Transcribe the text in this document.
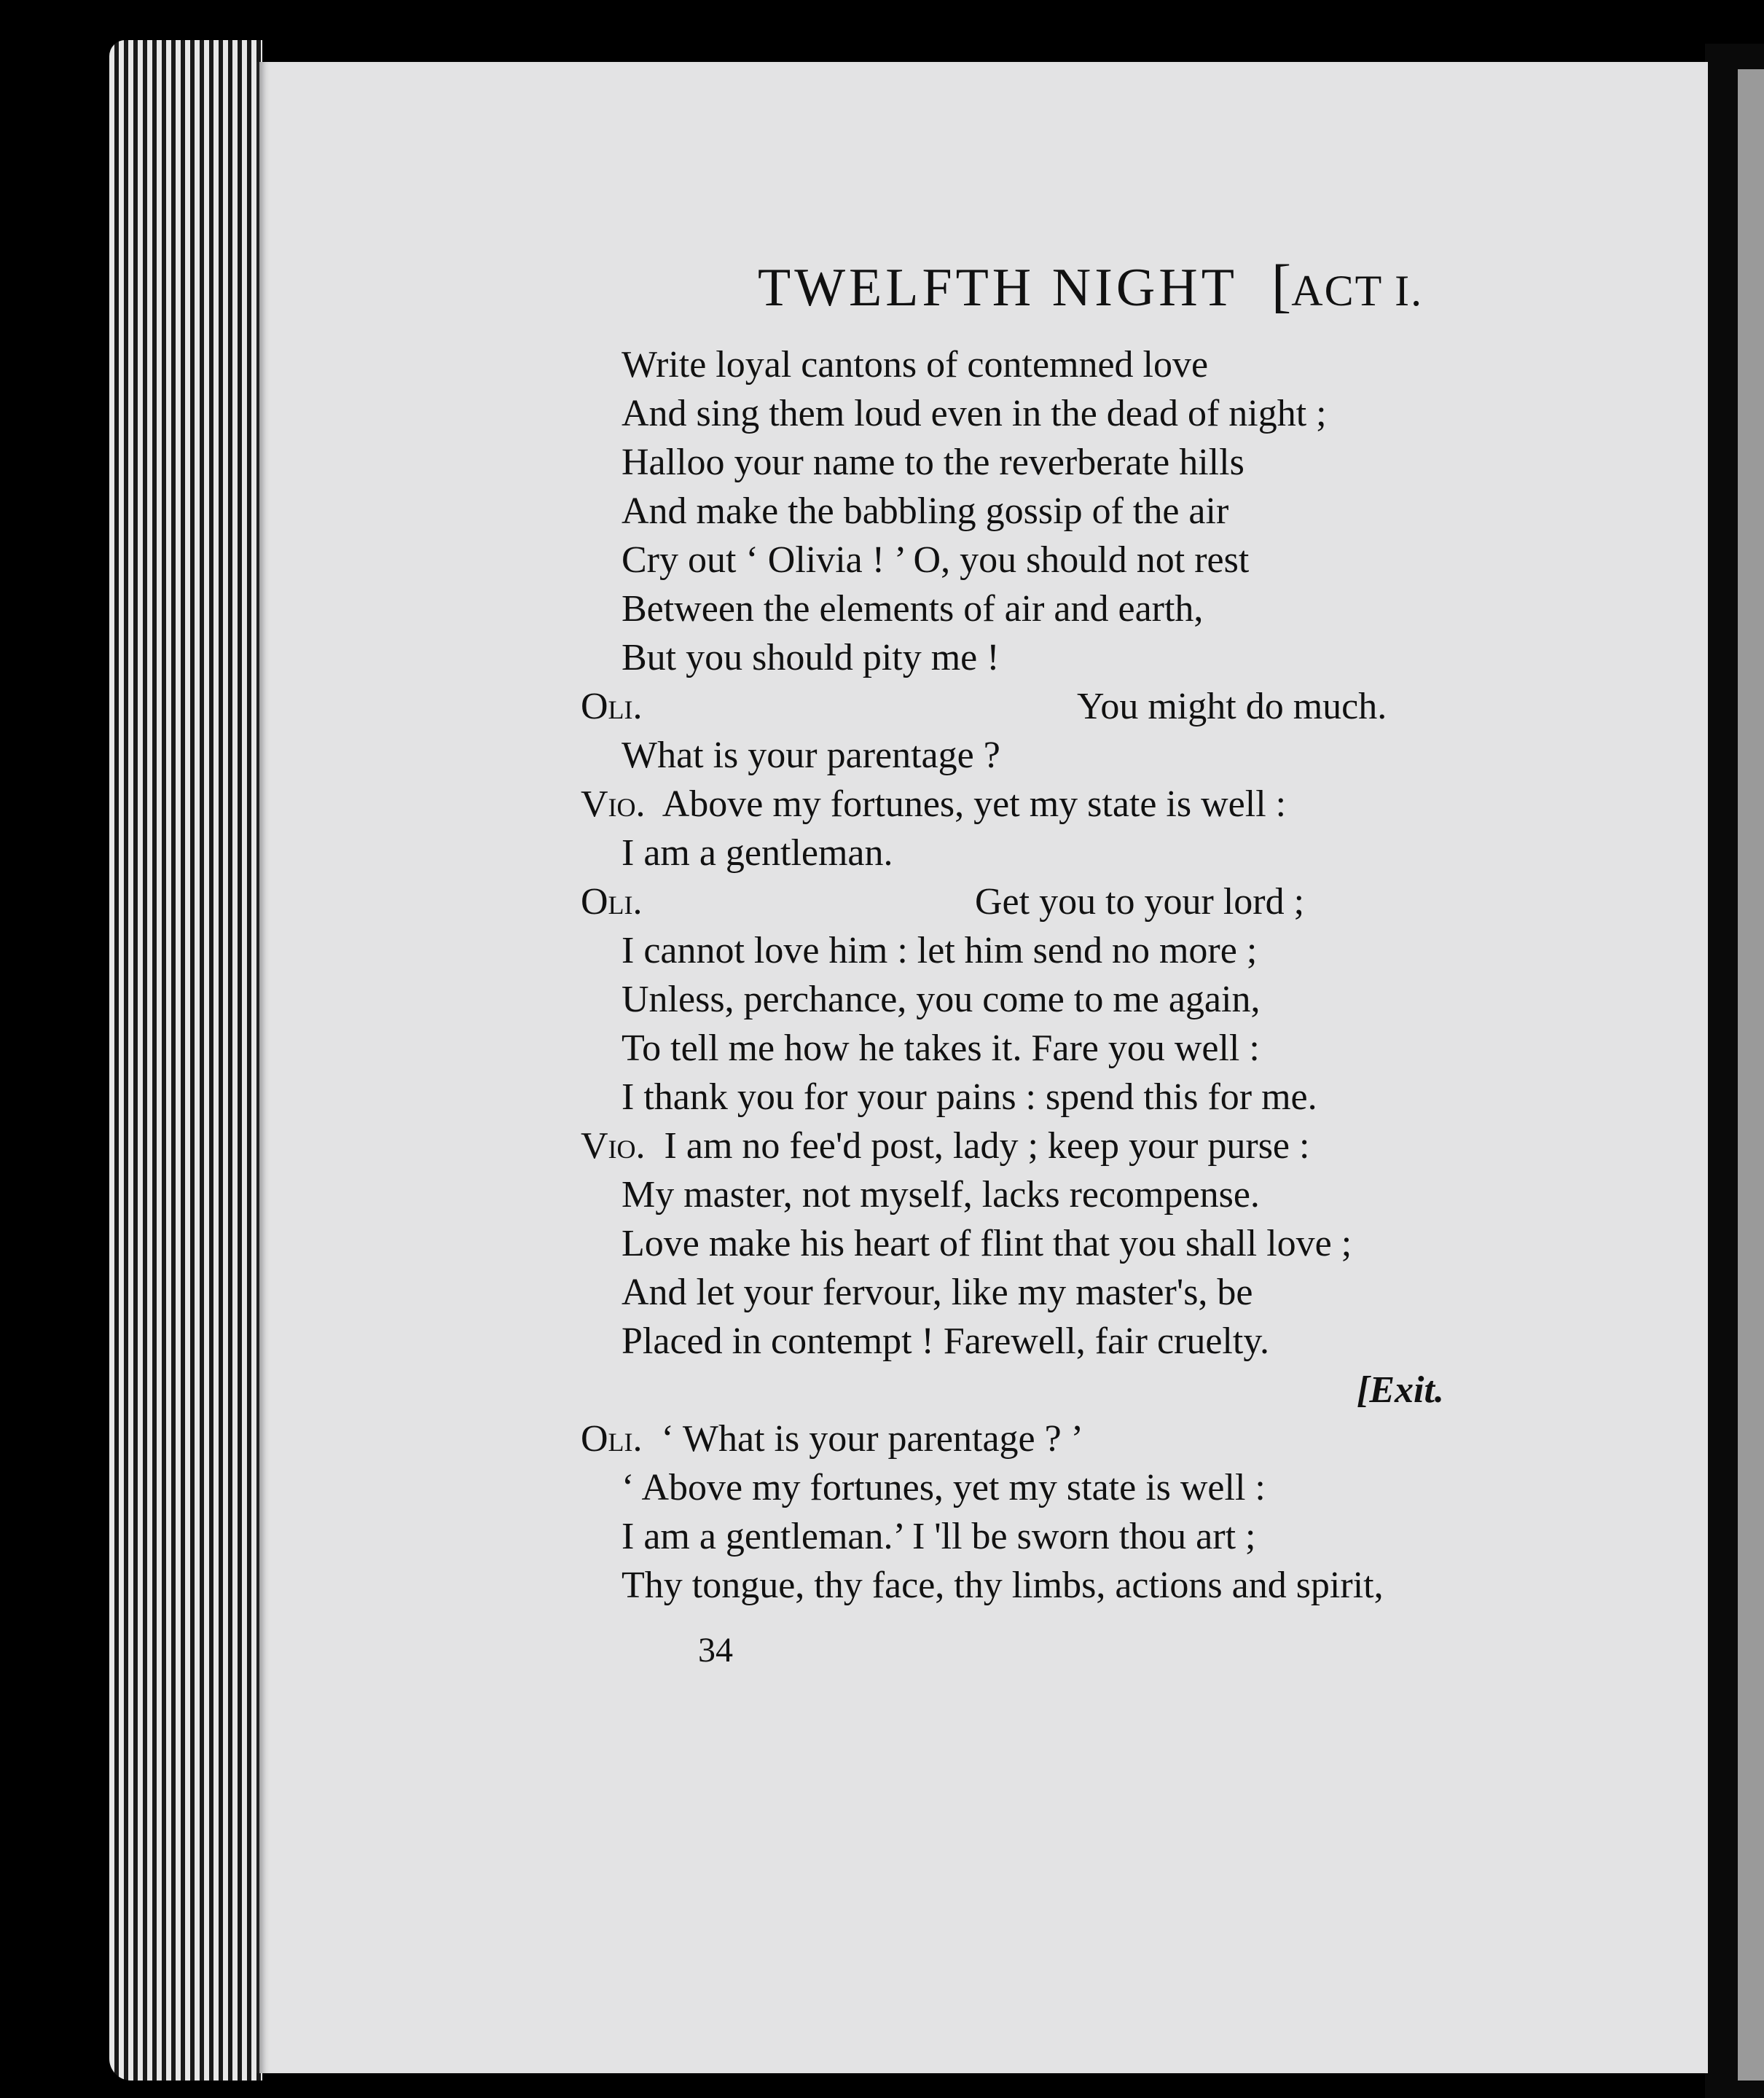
TWELFTH NIGHT [ACT I.
Write loyal cantons of contemned love
And sing them loud even in the dead of night ;
Halloo your name to the reverberate hills
And make the babbling gossip of the air
Cry out ‘ Olivia ! ’ O, you should not rest
Between the elements of air and earth,
But you should pity me !
Oli.	You might do much.
What is your parentage ?
Vio. Above my fortunes, yet my state is well :
I am a gentleman.
Oli.	Get you to your lord ;
I cannot love him : let him send no more ;
Unless, perchance, you come to me again,
To tell me how he takes it. Fare you well :
I thank you for your pains : spend this for me.
Vio. I am no fee'd post, lady ; keep your purse :
My master, not myself, lacks recompense.
Love make his heart of flint that you shall love ;
And let your fervour, like my master's, be
Placed in contempt ! Farewell, fair cruelty.
[Exit.
Oli. ‘ What is your parentage ? ’
‘ Above my fortunes, yet my state is well :
I am a gentleman.’ I 'll be sworn thou art ;
Thy tongue, thy face, thy limbs, actions and spirit,
34
